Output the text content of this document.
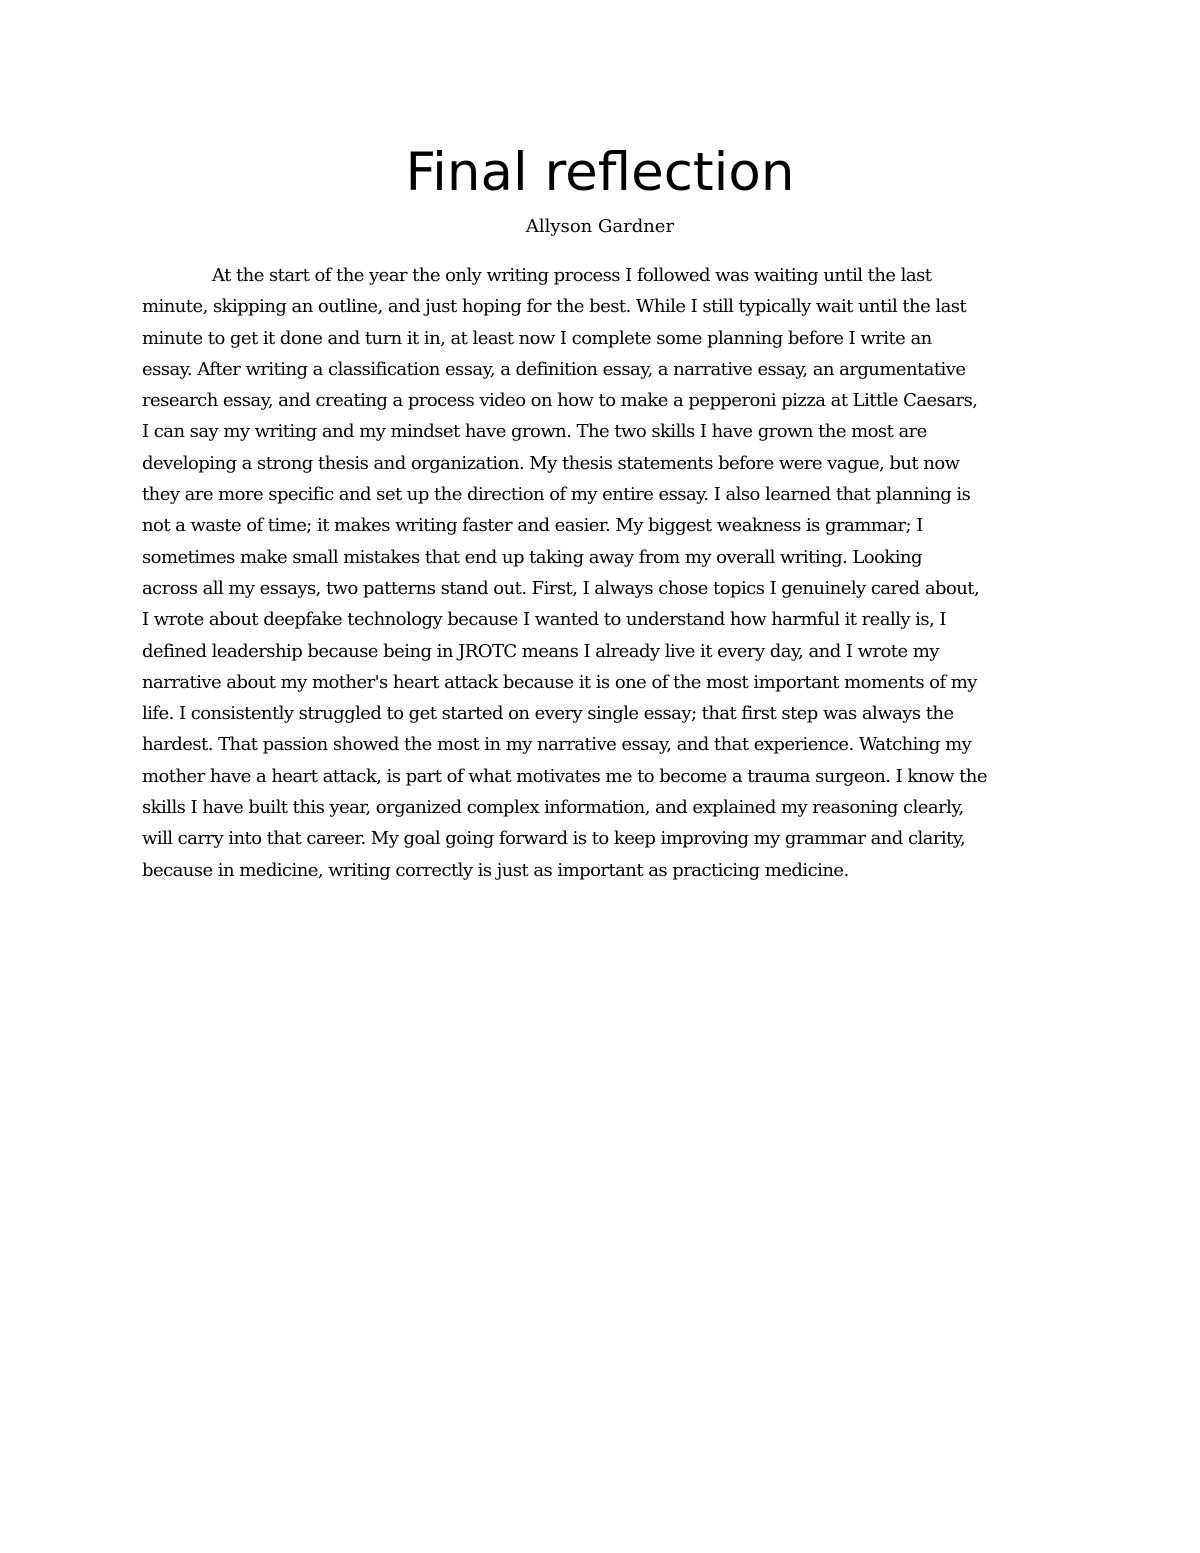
Final reflection
Allyson Gardner
At the start of the year the only writing process I followed was waiting until the last
minute, skipping an outline, and just hoping for the best. While I still typically wait until the last
minute to get it done and turn it in, at least now I complete some planning before I write an
essay. After writing a classification essay, a definition essay, a narrative essay, an argumentative
research essay, and creating a process video on how to make a pepperoni pizza at Little Caesars,
I can say my writing and my mindset have grown. The two skills I have grown the most are
developing a strong thesis and organization. My thesis statements before were vague, but now
they are more specific and set up the direction of my entire essay. I also learned that planning is
not a waste of time; it makes writing faster and easier. My biggest weakness is grammar; I
sometimes make small mistakes that end up taking away from my overall writing. Looking
across all my essays, two patterns stand out. First, I always chose topics I genuinely cared about,
I wrote about deepfake technology because I wanted to understand how harmful it really is, I
defined leadership because being in JROTC means I already live it every day, and I wrote my
narrative about my mother's heart attack because it is one of the most important moments of my
life. I consistently struggled to get started on every single essay; that first step was always the
hardest. That passion showed the most in my narrative essay, and that experience. Watching my
mother have a heart attack, is part of what motivates me to become a trauma surgeon. I know the
skills I have built this year, organized complex information, and explained my reasoning clearly,
will carry into that career. My goal going forward is to keep improving my grammar and clarity,
because in medicine, writing correctly is just as important as practicing medicine.
